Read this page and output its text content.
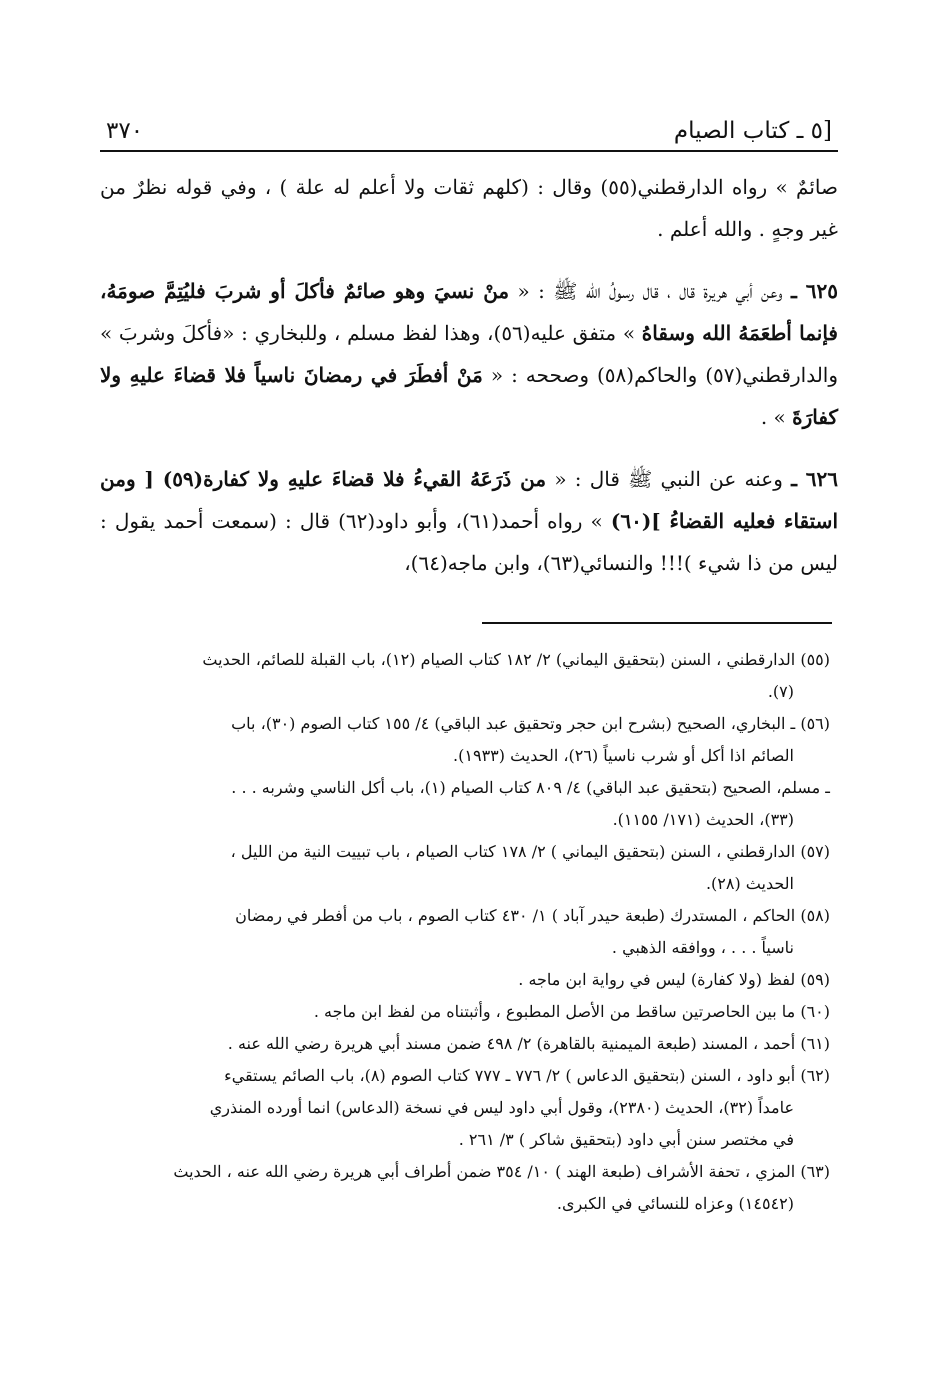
[٥ ـ كتاب الصيام
٣٧٠

صائمٌ » رواه الدارقطني(٥٥) وقال : (كلهم ثقات ولا أعلم له علة ) ، وفي قوله نظرٌ من غير وجهٍ . والله أعلم .

٦٢٥ ـ وعن أبي هريرة قال ، قال رسولُ الله ﷺ : « منْ نسيَ وهو صائمٌ فأكلَ أو شربَ فليُتِمَّ صومَهُ، فإنما أطعَمَهُ الله وسقاهُ » متفق عليه(٥٦)، وهذا لفظ مسلم ، وللبخاري : «فأكلَ وشربَ » والدارقطني(٥٧) والحاكم(٥٨) وصححه : « مَنْ أفطَرَ في رمضانَ ناسياً فلا قضاءَ عليهِ ولا كفارَةَ » .

٦٢٦ ـ وعنه عن النبي ﷺ قال : « من ذَرَعَهُ القيءُ فلا قضاءَ عليهِ ولا كفارة(٥٩) [ ومن استقاء فعليه القضاءُ ](٦٠) » رواه أحمد(٦١)، وأبو داود(٦٢) قال : (سمعت أحمد يقول : ليس من ذا شيء )!!! والنسائي(٦٣)، وابن ماجه(٦٤)،

(٥٥) الدارقطني ، السنن (بتحقيق اليماني) ٢/ ١٨٢ كتاب الصيام (١٢)، باب القبلة للصائم، الحديث
(٧).
(٥٦) ـ البخاري، الصحيح (بشرح ابن حجر وتحقيق عبد الباقي) ٤/ ١٥٥ كتاب الصوم (٣٠)، باب
الصائم اذا أكل أو شرب ناسياً (٢٦)، الحديث (١٩٣٣).
ـ مسلم، الصحيح (بتحقيق عبد الباقي) ٤/ ٨٠٩ كتاب الصيام (١)، باب أكل الناسي وشربه . . .
(٣٣)، الحديث (١٧١/ ١١٥٥).
(٥٧) الدارقطني ، السنن (بتحقيق اليماني ) ٢/ ١٧٨ كتاب الصيام ، باب تبييت النية من الليل ،
الحديث (٢٨).
(٥٨) الحاكم ، المستدرك (طبعة حيدر آباد ) ١/ ٤٣٠ كتاب الصوم ، باب من أفطر في رمضان
ناسياً . . . ، ووافقه الذهبي .
(٥٩) لفظ (ولا كفارة) ليس في رواية ابن ماجه .
(٦٠) ما بين الحاصرتين ساقط من الأصل المطبوع ، وأثبتناه من لفظ ابن ماجه .
(٦١) أحمد ، المسند (طبعة الميمنية بالقاهرة) ٢/ ٤٩٨ ضمن مسند أبي هريرة رضي الله عنه .
(٦٢) أبو داود ، السنن (بتحقيق الدعاس ) ٢/ ٧٧٦ ـ ٧٧٧ كتاب الصوم (٨)، باب الصائم يستقيء
عامداً (٣٢)، الحديث (٢٣٨٠)، وقول أبي داود ليس في نسخة (الدعاس) انما أورده المنذري
في مختصر سنن أبي داود (بتحقيق شاكر ) ٣/ ٢٦١ .
(٦٣) المزي ، تحفة الأشراف (طبعة الهند ) ١٠/ ٣٥٤ ضمن أطراف أبي هريرة رضي الله عنه ، الحديث
(١٤٥٤٢) وعزاه للنسائي في الكبرى.
